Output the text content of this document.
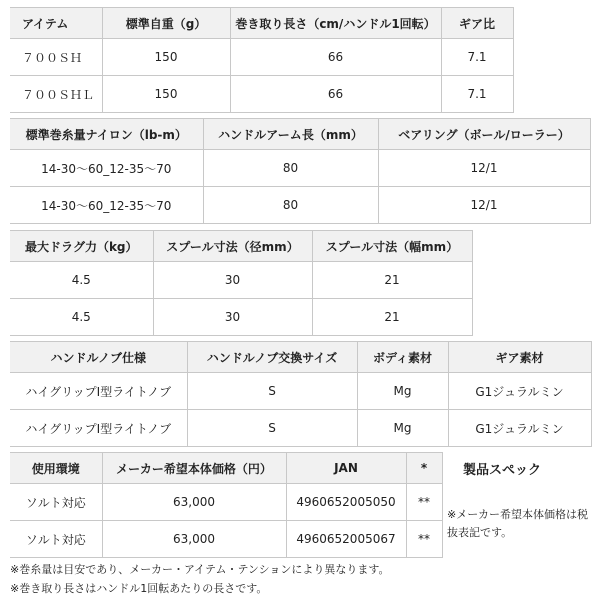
アイテム	標準自重（g）	巻き取り長さ（cm/ハンドル1回転）	ギア比
７００ＳＨ	150	66	7.1
７００ＳＨＬ	150	66	7.1
標準巻糸量ナイロン（lb-m）	ハンドルアーム長（mm）	ベアリング（ボール/ローラー）
14-30～60_12-35～70	80	12/1
14-30～60_12-35～70	80	12/1
最大ドラグ力（kg）	スプール寸法（径mm）	スプール寸法（幅mm）
4.5	30	21
4.5	30	21
ハンドルノブ仕様	ハンドルノブ交換サイズ	ボディ素材	ギア素材
ハイグリップI型ライトノブ	S	Mg	G1ジュラルミン
ハイグリップI型ライトノブ	S	Mg	G1ジュラルミン
使用環境	メーカー希望本体価格（円）	JAN	*
ソルト対応	63,000	4960652005050	**
ソルト対応	63,000	4960652005067	**
製品スペック
※メーカー希望本体価格は税抜表記です。
※巻糸量は目安であり、メーカー・アイテム・テンションにより異なります。
※巻き取り長さはハンドル1回転あたりの長さです。
